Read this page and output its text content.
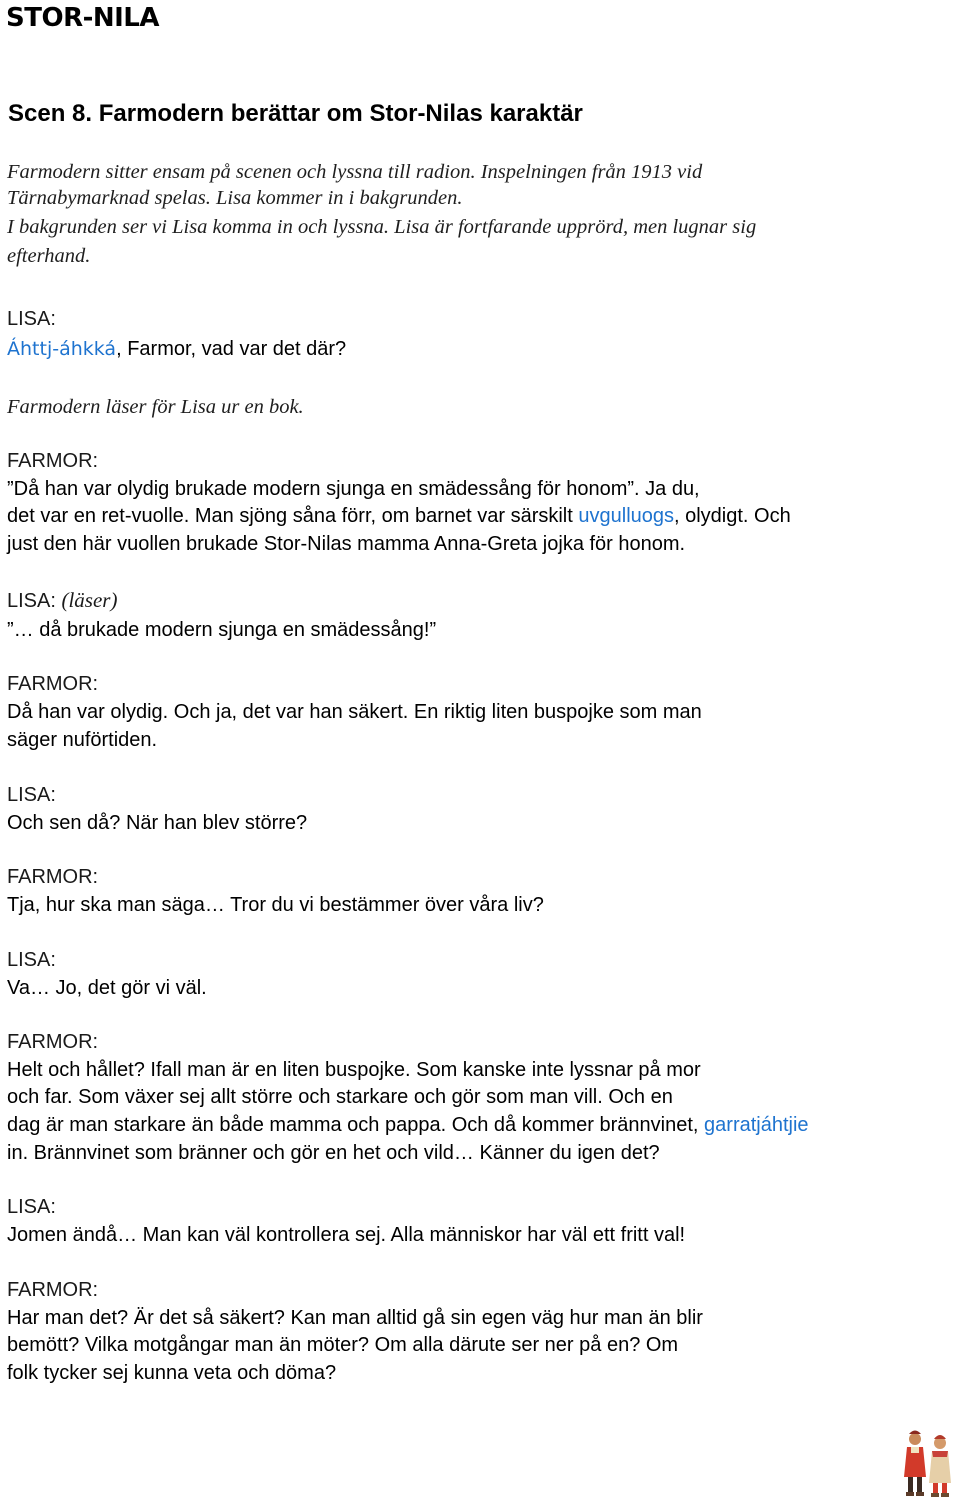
STOR-NILA
Scen 8. Farmodern berättar om Stor-Nilas karaktär
Farmodern sitter ensam på scenen och lyssna till radion. Inspelningen från 1913 vid
Tärnabymarknad spelas. Lisa kommer in i bakgrunden.
I bakgrunden ser vi Lisa komma in och lyssna. Lisa är fortfarande upprörd, men lugnar sig
efterhand.
LISA:
Áhttj-áhkká, Farmor, vad var det där?
Farmodern läser för Lisa ur en bok.
FARMOR:
”Då han var olydig brukade modern sjunga en smädessång för honom”. Ja du,
det var en ret-vuolle. Man sjöng såna förr, om barnet var särskilt uvgulluogs, olydigt. Och
just den här vuollen brukade Stor-Nilas mamma Anna-Greta jojka för honom.
LISA: (läser)
”… då brukade modern sjunga en smädessång!”
FARMOR:
Då han var olydig. Och ja, det var han säkert. En riktig liten buspojke som man
säger nuförtiden.
LISA:
Och sen då? När han blev större?
FARMOR:
Tja, hur ska man säga… Tror du vi bestämmer över våra liv?
LISA:
Va… Jo, det gör vi väl.
FARMOR:
Helt och hållet? Ifall man är en liten buspojke. Som kanske inte lyssnar på mor
och far. Som växer sej allt större och starkare och gör som man vill. Och en
dag är man starkare än både mamma och pappa. Och då kommer brännvinet, garratjáhtjie
in. Brännvinet som bränner och gör en het och vild… Känner du igen det?
LISA:
Jomen ändå… Man kan väl kontrollera sej. Alla människor har väl ett fritt val!
FARMOR:
Har man det? Är det så säkert? Kan man alltid gå sin egen väg hur man än blir
bemött? Vilka motgångar man än möter? Om alla därute ser ner på en? Om
folk tycker sej kunna veta och döma?
